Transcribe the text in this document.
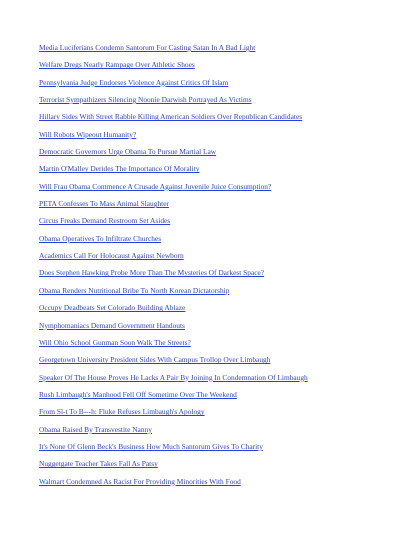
Media Luciferians Condemn Santorum For Casting Satan In A Bad Light
Welfare Dregs Nearly Rampage Over Athletic Shoes
Pennsylvania Judge Endorses Violence Against Critics Of Islam
Terrorist Sympathizers Silencing Noonie Darwish Portrayed As Victims
Hillary Sides With Street Rabble Killing American Soldiers Over Republican Candidates
Will Robots Wipeout Humanity?
Democratic Governors Urge Obama To Pursue Martial Law
Martin O'Malley Derides The Importance Of Morality
Will Frau Obama Commence A Crusade Against Juvenile Juice Consumption?
PETA Confesses To Mass Animal Slaughter
Circus Freaks Demand Restroom Set Asides
Obama Operatives To Infiltrate Churches
Academics Call For Holocaust Against Newborn
Does Stephen Hawking Probe More Than The Mysteries Of Darkest Space?
Obama Renders Nutritional Bribe To North Korean Dictatorship
Occupy Deadbeats Set Colorado Building Ablaze
Nymphomaniacs Demand Government Handouts
Will Ohio School Gunman Soon Walk The Streets?
Georgetown University President Sides With Campus Trollop Over Limbaugh
Speaker Of The House Proves He Lacks A Pair By Joining In Condemnation Of Limbaugh
Rush Limbaugh's Manhood Fell Off Sometime Over The Weekend
From Sl-t To B---h: Fluke Refuses Limbaugh's Apology
Obama Raised By Transvestite Nanny
It's None Of Glenn Beck's Business How Much Santorum Gives To Charity
Nuggetgate Teacher Takes Fall As Patsy
Walmart Condemned As Racist For Providing Minorities With Food
